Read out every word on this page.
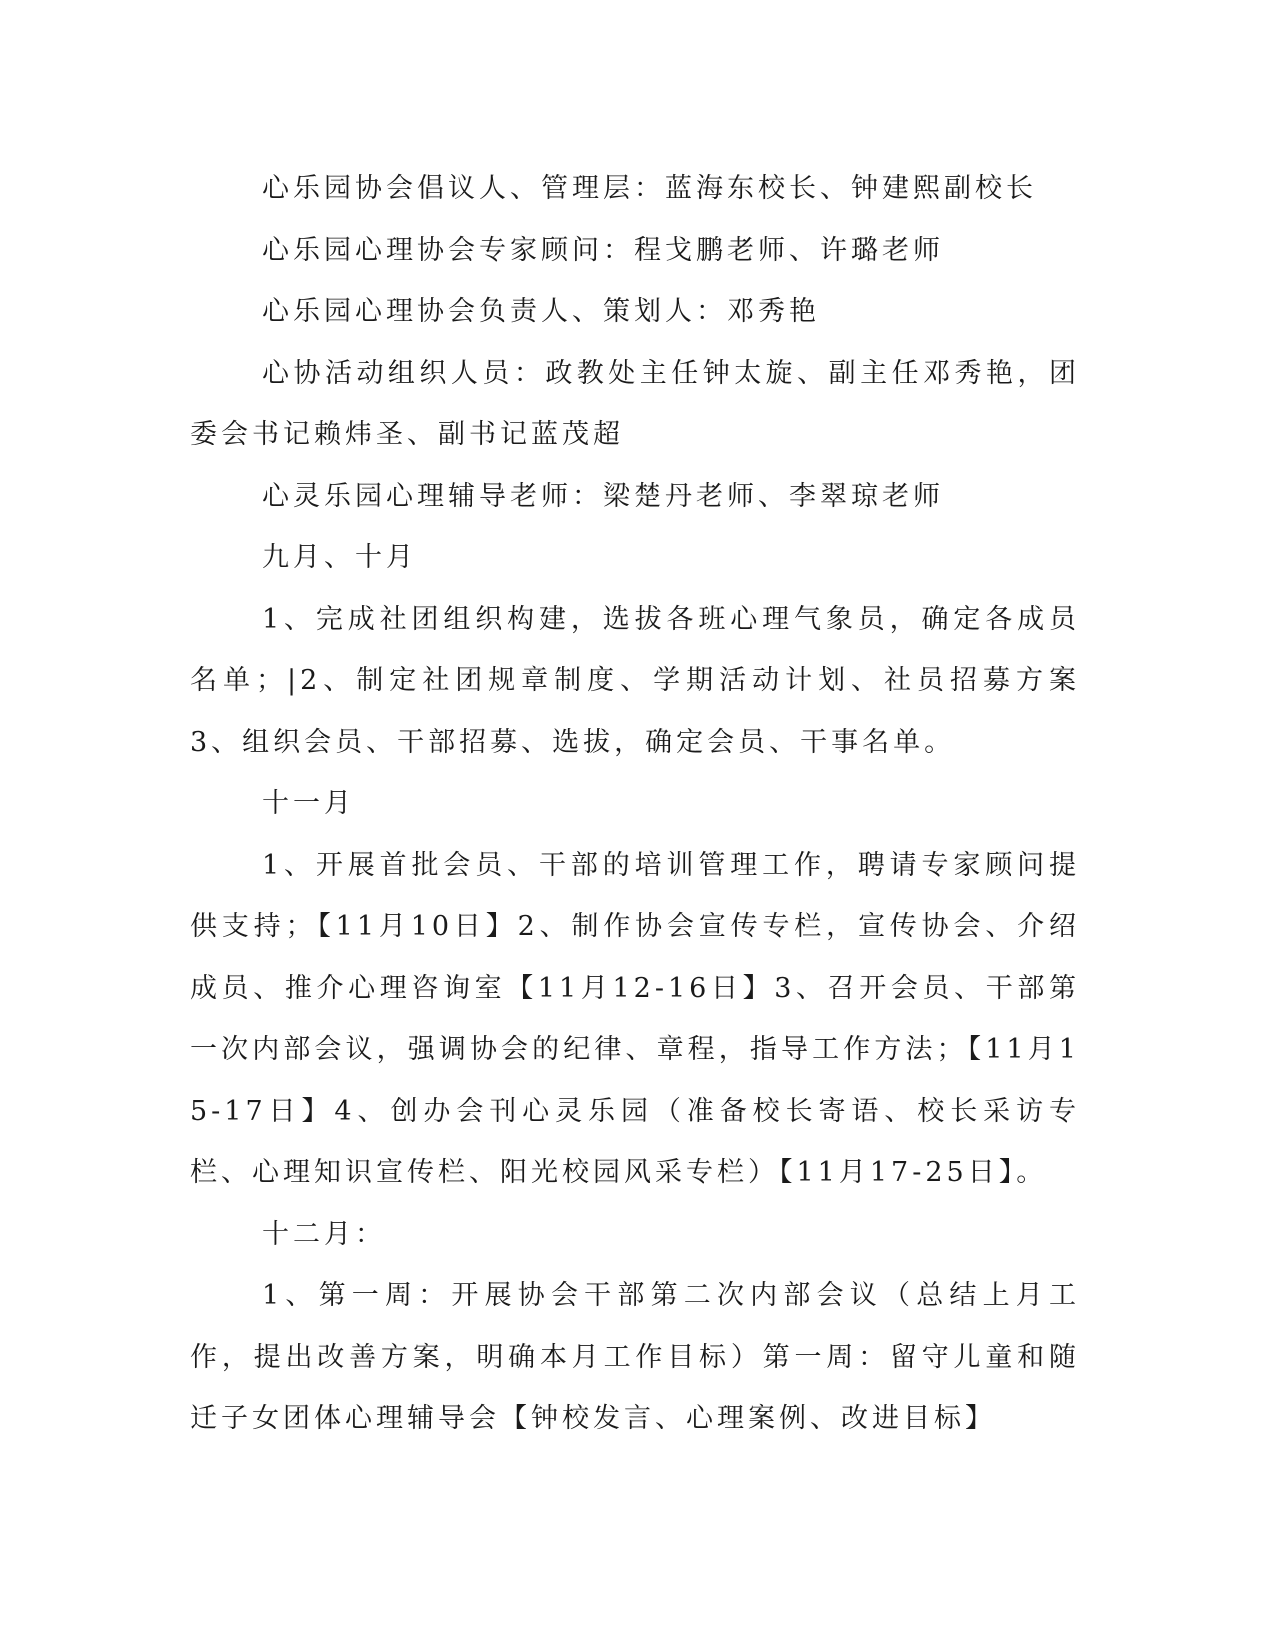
心乐园协会倡议人、管理层：蓝海东校长、钟建熙副校长

心乐园心理协会专家顾问：程戈鹏老师、许璐老师

心乐园心理协会负责人、策划人：邓秀艳

心协活动组织人员：政教处主任钟太旋、副主任邓秀艳，团委会书记赖炜圣、副书记蓝茂超

心灵乐园心理辅导老师：梁楚丹老师、李翠琼老师

九月、十月

1、完成社团组织构建，选拔各班心理气象员，确定各成员名单；|2、制定社团规章制度、学期活动计划、社员招募方案3、组织会员、干部招募、选拔，确定会员、干事名单。

十一月

1、开展首批会员、干部的培训管理工作，聘请专家顾问提供支持；【11月10日】2、制作协会宣传专栏，宣传协会、介绍成员、推介心理咨询室【11月12-16日】3、召开会员、干部第一次内部会议，强调协会的纪律、章程，指导工作方法；【11月15-17日】4、创办会刊心灵乐园（准备校长寄语、校长采访专栏、心理知识宣传栏、阳光校园风采专栏）【11月17-25日】。

十二月：

1、第一周：开展协会干部第二次内部会议（总结上月工作，提出改善方案，明确本月工作目标）第一周：留守儿童和随迁子女团体心理辅导会【钟校发言、心理案例、改进目标】
